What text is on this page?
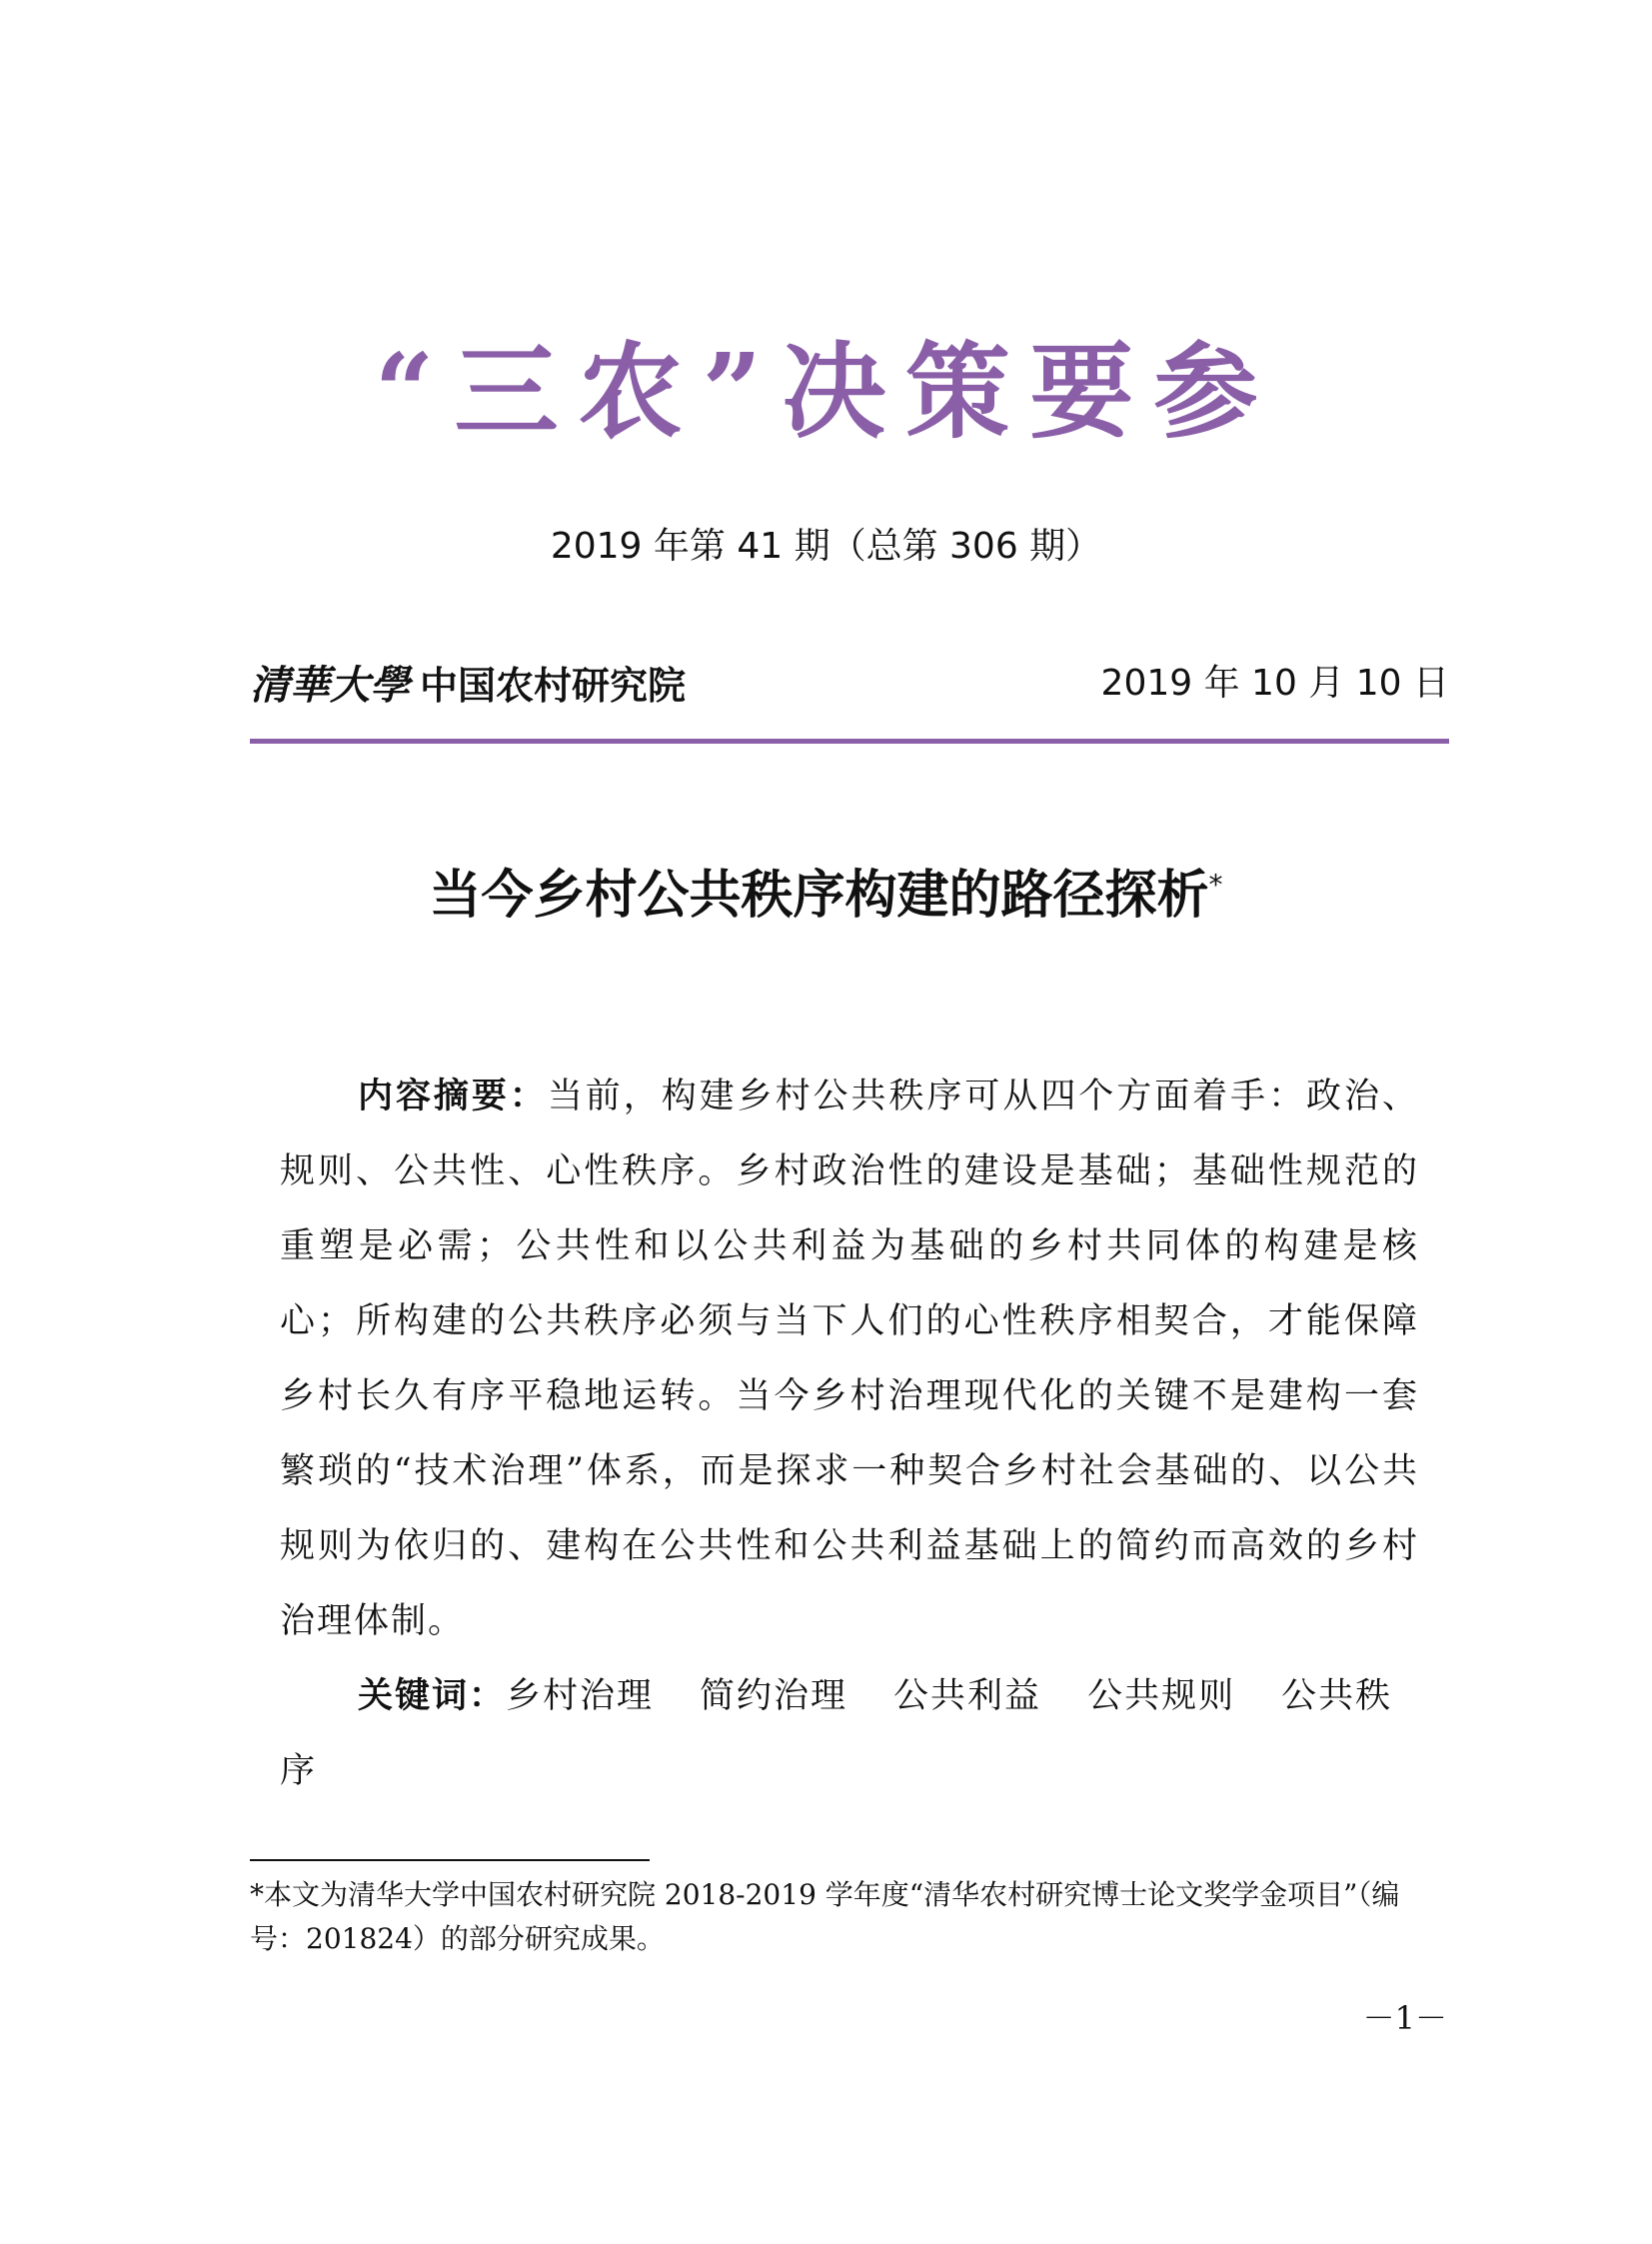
“三农”决策要参
2019 年第 41 期（总第 306 期）
清華大學 中国农村研究院	2019 年 10 月 10 日
当今乡村公共秩序构建的路径探析*

内容摘要：当前，构建乡村公共秩序可从四个方面着手：政治、规则、公共性、心性秩序。乡村政治性的建设是基础；基础性规范的重塑是必需；公共性和以公共利益为基础的乡村共同体的构建是核心；所构建的公共秩序必须与当下人们的心性秩序相契合，才能保障乡村长久有序平稳地运转。当今乡村治理现代化的关键不是建构一套繁琐的“技术治理”体系，而是探求一种契合乡村社会基础的、以公共规则为依归的、建构在公共性和公共利益基础上的简约而高效的乡村治理体制。

关键词：乡村治理 简约治理 公共利益 公共规则 公共秩序

*本文为清华大学中国农村研究院 2018-2019 学年度“清华农村研究博士论文奖学金项目”（编号：201824）的部分研究成果。

－1－
